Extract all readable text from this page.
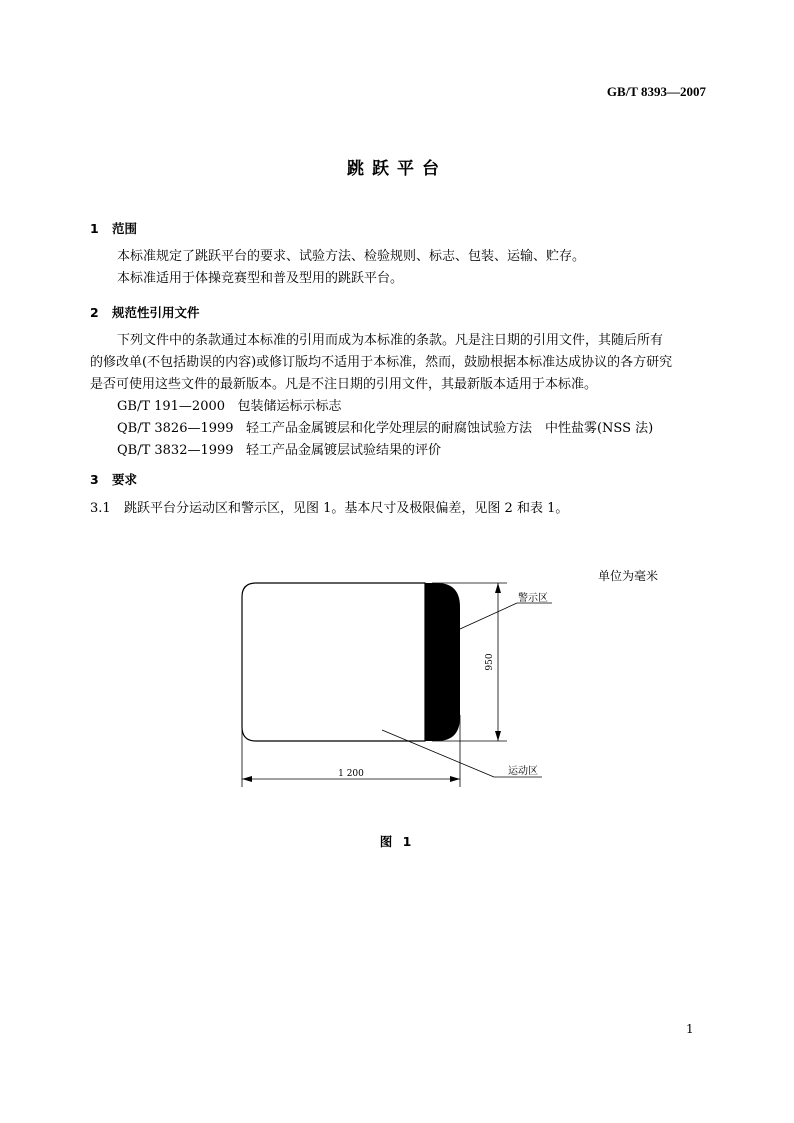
GB/T 8393—2007
跳跃平台
1 范围
本标准规定了跳跃平台的要求、试验方法、检验规则、标志、包装、运输、贮存。
本标准适用于体操竞赛型和普及型用的跳跃平台。
2 规范性引用文件
下列文件中的条款通过本标准的引用而成为本标准的条款。凡是注日期的引用文件，其随后所有
的修改单(不包括勘误的内容)或修订版均不适用于本标准，然而，鼓励根据本标准达成协议的各方研究
是否可使用这些文件的最新版本。凡是不注日期的引用文件，其最新版本适用于本标准。
GB/T 191—2000 包装储运标示标志
QB/T 3826—1999 轻工产品金属镀层和化学处理层的耐腐蚀试验方法　中性盐雾(NSS 法)
QB/T 3832—1999 轻工产品金属镀层试验结果的评价
3 要求
3.1 跳跃平台分运动区和警示区，见图 1。基本尺寸及极限偏差，见图 2 和表 1。
单位为毫米
950
1 200
警示区
运动区
图 1
1
